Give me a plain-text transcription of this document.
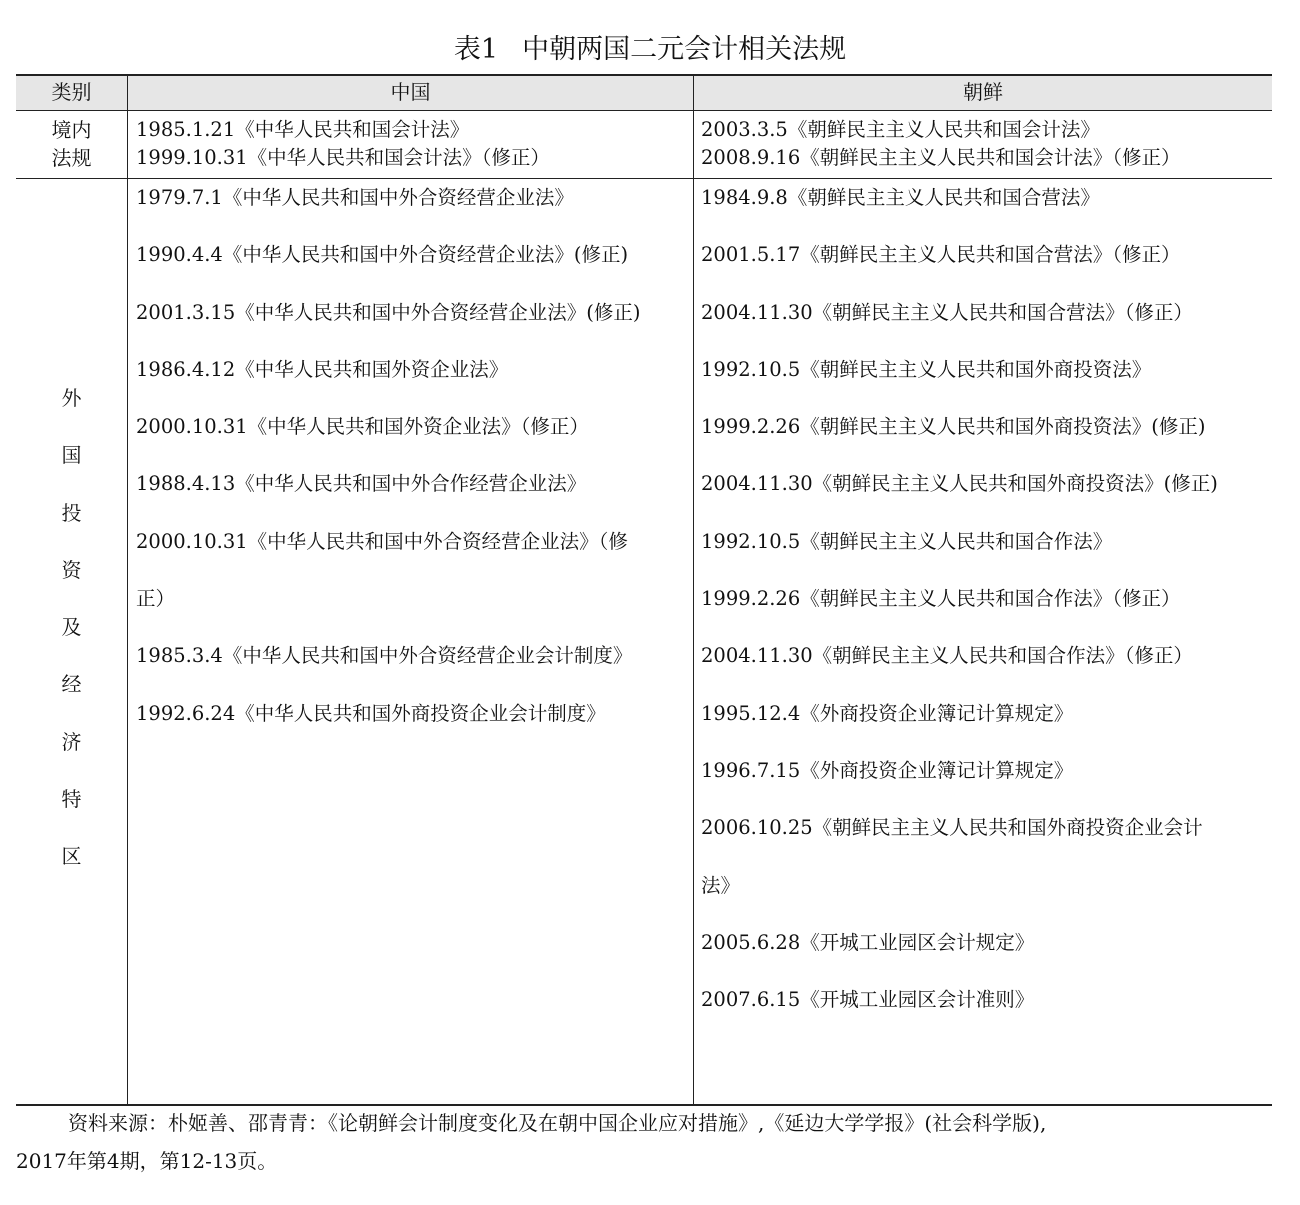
表1 中朝两国二元会计相关法规
类别	中国	朝鲜
境内
法规
1985.1.21《中华人民共和国会计法》
1999.10.31《中华人民共和国会计法》（修正）
2003.3.5《朝鲜民主主义人民共和国会计法》
2008.9.16《朝鲜民主主义人民共和国会计法》（修正）
外
国
投
资
及
经
济
特
区
1979.7.1《中华人民共和国中外合资经营企业法》
1990.4.4《中华人民共和国中外合资经营企业法》(修正)
2001.3.15《中华人民共和国中外合资经营企业法》(修正)
1986.4.12《中华人民共和国外资企业法》
2000.10.31《中华人民共和国外资企业法》（修正）
1988.4.13《中华人民共和国中外合作经营企业法》
2000.10.31《中华人民共和国中外合资经营企业法》（修
正）
1985.3.4《中华人民共和国中外合资经营企业会计制度》
1992.6.24《中华人民共和国外商投资企业会计制度》
1984.9.8《朝鲜民主主义人民共和国合营法》
2001.5.17《朝鲜民主主义人民共和国合营法》（修正）
2004.11.30《朝鲜民主主义人民共和国合营法》（修正）
1992.10.5《朝鲜民主主义人民共和国外商投资法》
1999.2.26《朝鲜民主主义人民共和国外商投资法》(修正)
2004.11.30《朝鲜民主主义人民共和国外商投资法》(修正)
1992.10.5《朝鲜民主主义人民共和国合作法》
1999.2.26《朝鲜民主主义人民共和国合作法》（修正）
2004.11.30《朝鲜民主主义人民共和国合作法》（修正）
1995.12.4《外商投资企业簿记计算规定》
1996.7.15《外商投资企业簿记计算规定》
2006.10.25《朝鲜民主主义人民共和国外商投资企业会计
法》
2005.6.28《开城工业园区会计规定》
2007.6.15《开城工业园区会计准则》
资料来源：朴姬善、邵青青：《论朝鲜会计制度变化及在朝中国企业应对措施》,《延边大学学报》(社会科学版),
2017年第4期，第12-13页。
